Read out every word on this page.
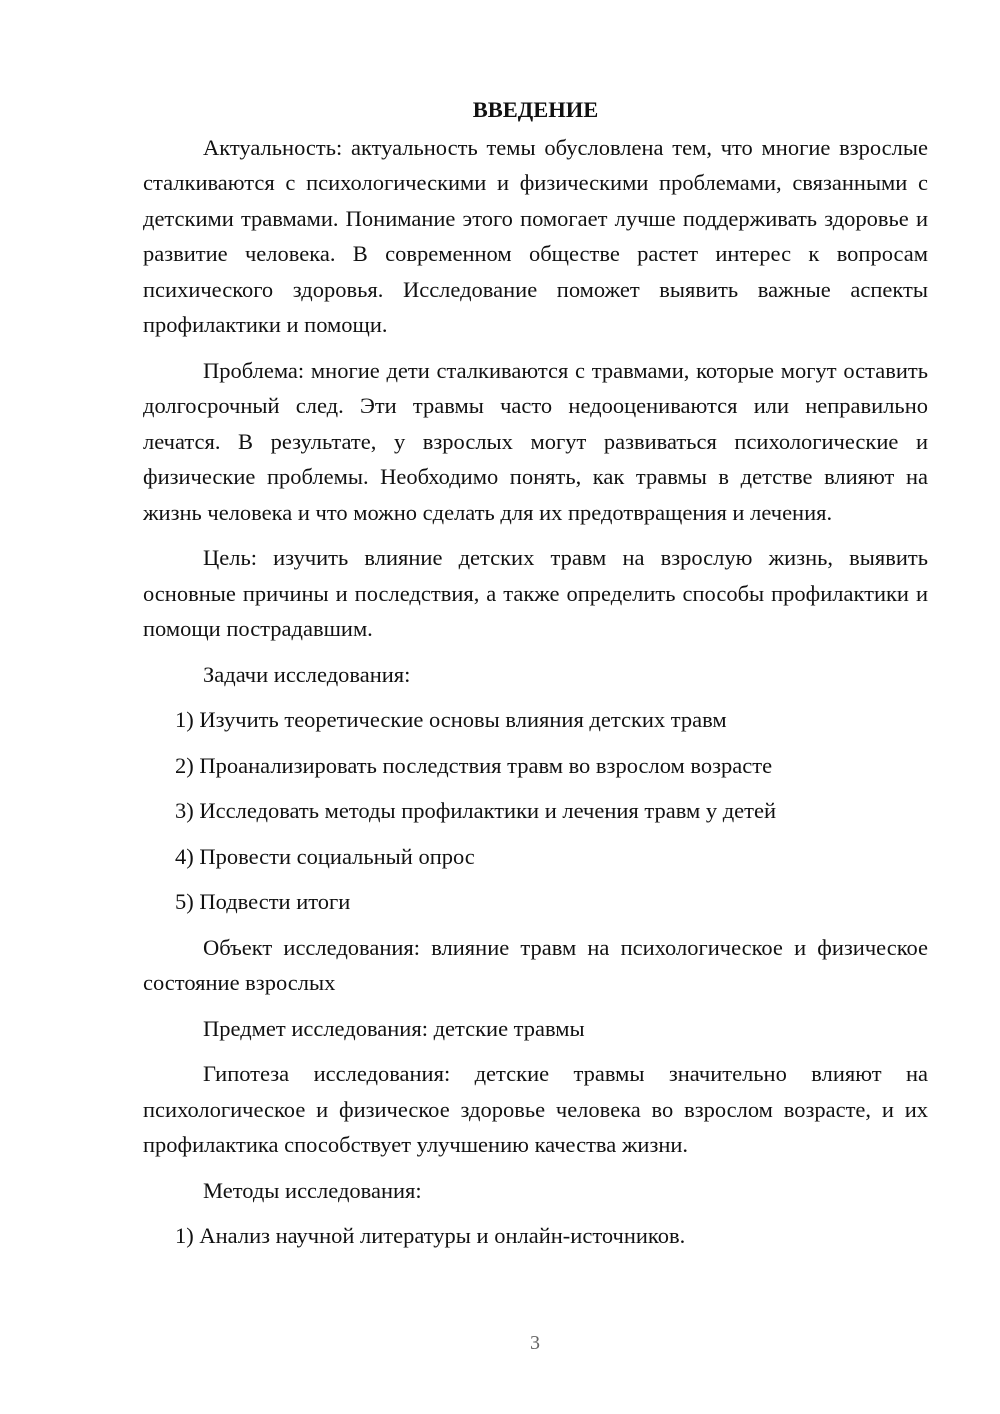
ВВЕДЕНИЕ

Актуальность: актуальность темы обусловлена тем, что многие взрослые сталкиваются с психологическими и физическими проблемами, связанными с детскими травмами. Понимание этого помогает лучше поддерживать здоровье и развитие человека. В современном обществе растет интерес к вопросам психического здоровья. Исследование поможет выявить важные аспекты профилактики и помощи.

Проблема: многие дети сталкиваются с травмами, которые могут оставить долгосрочный след. Эти травмы часто недооцениваются или неправильно лечатся. В результате, у взрослых могут развиваться психологические и физические проблемы. Необходимо понять, как травмы в детстве влияют на жизнь человека и что можно сделать для их предотвращения и лечения.

Цель: изучить влияние детских травм на взрослую жизнь, выявить основные причины и последствия, а также определить способы профилактики и помощи пострадавшим.

Задачи исследования:

1) Изучить теоретические основы влияния детских травм

2) Проанализировать последствия травм во взрослом возрасте

3) Исследовать методы профилактики и лечения травм у детей

4) Провести социальный опрос

5) Подвести итоги

Объект исследования: влияние травм на психологическое и физическое состояние взрослых

Предмет исследования: детские травмы

Гипотеза исследования: детские травмы значительно влияют на психологическое и физическое здоровье человека во взрослом возрасте, и их профилактика способствует улучшению качества жизни.

Методы исследования:

1) Анализ научной литературы и онлайн-источников.

3
